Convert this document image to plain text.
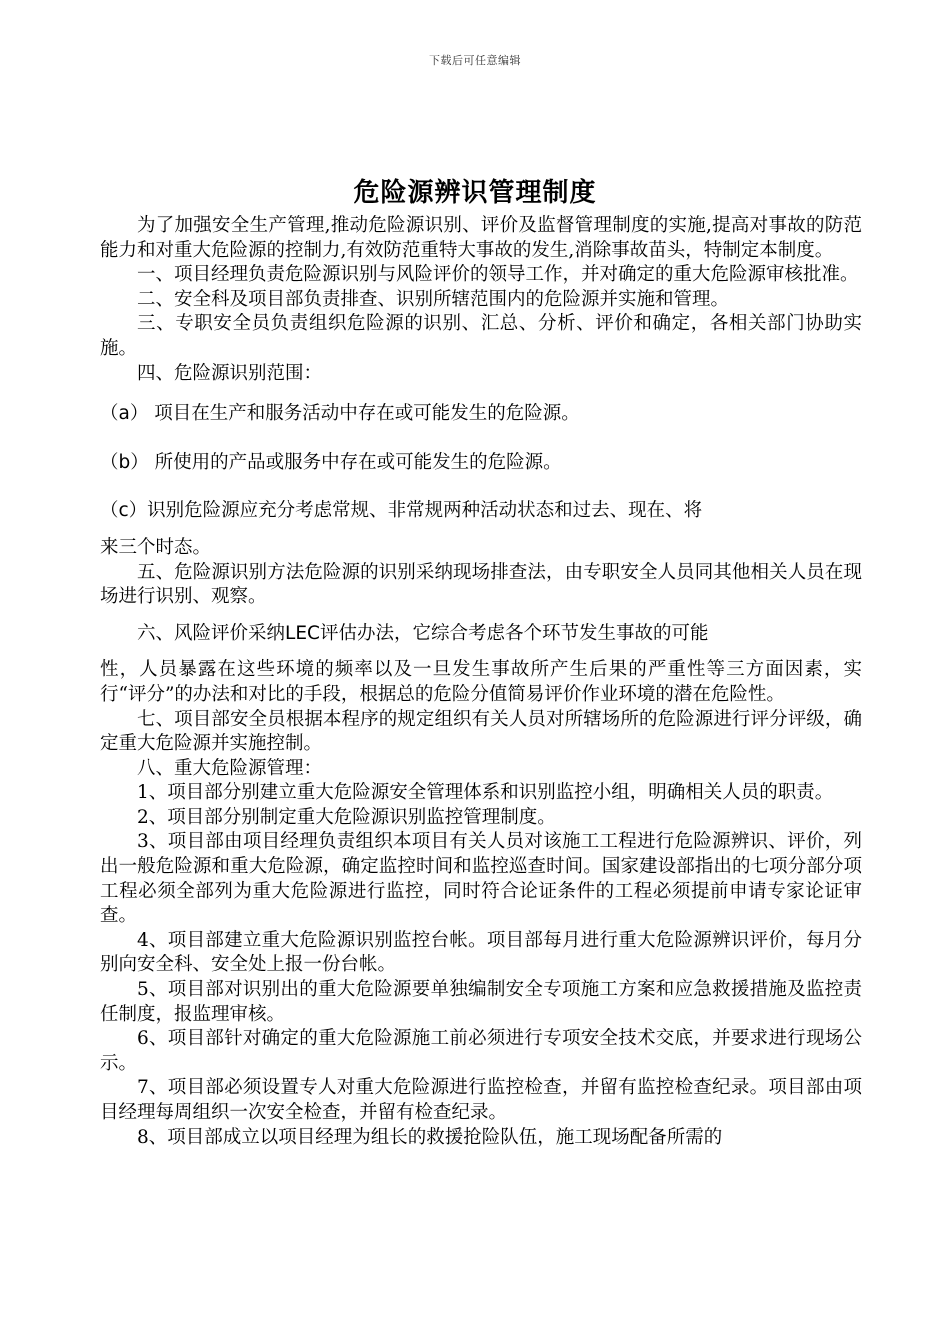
下载后可任意编辑
危险源辨识管理制度

为了加强安全生产管理,推动危险源识别、评价及监督管理制度的实施,提高对事故的防范能力和对重大危险源的控制力,有效防范重特大事故的发生,消除事故苗头，特制定本制度。

一、项目经理负责危险源识别与风险评价的领导工作，并对确定的重大危险源审核批准。

二、安全科及项目部负责排查、识别所辖范围内的危险源并实施和管理。

三、专职安全员负责组织危险源的识别、汇总、分析、评价和确定，各相关部门协助实施。

四、危险源识别范围：

（a） 项目在生产和服务活动中存在或可能发生的危险源。

（b） 所使用的产品或服务中存在或可能发生的危险源。

（c）识别危险源应充分考虑常规、非常规两种活动状态和过去、现在、将

来三个时态。

五、危险源识别方法危险源的识别采纳现场排查法，由专职安全人员同其他相关人员在现场进行识别、观察。

六、风险评价采纳LEC评估办法，它综合考虑各个环节发生事故的可能

性，人员暴露在这些环境的频率以及一旦发生事故所产生后果的严重性等三方面因素，实行“评分”的办法和对比的手段，根据总的危险分值简易评价作业环境的潜在危险性。

七、项目部安全员根据本程序的规定组织有关人员对所辖场所的危险源进行评分评级，确定重大危险源并实施控制。

八、重大危险源管理：

1、项目部分别建立重大危险源安全管理体系和识别监控小组，明确相关人员的职责。

2、项目部分别制定重大危险源识别监控管理制度。

3、项目部由项目经理负责组织本项目有关人员对该施工工程进行危险源辨识、评价，列出一般危险源和重大危险源，确定监控时间和监控巡查时间。国家建设部指出的七项分部分项工程必须全部列为重大危险源进行监控，同时符合论证条件的工程必须提前申请专家论证审查。

4、项目部建立重大危险源识别监控台帐。项目部每月进行重大危险源辨识评价，每月分别向安全科、安全处上报一份台帐。

5、项目部对识别出的重大危险源要单独编制安全专项施工方案和应急救援措施及监控责任制度，报监理审核。

6、项目部针对确定的重大危险源施工前必须进行专项安全技术交底，并要求进行现场公示。

7、项目部必须设置专人对重大危险源进行监控检查，并留有监控检查纪录。项目部由项目经理每周组织一次安全检查，并留有检查纪录。

8、项目部成立以项目经理为组长的救援抢险队伍，施工现场配备所需的
